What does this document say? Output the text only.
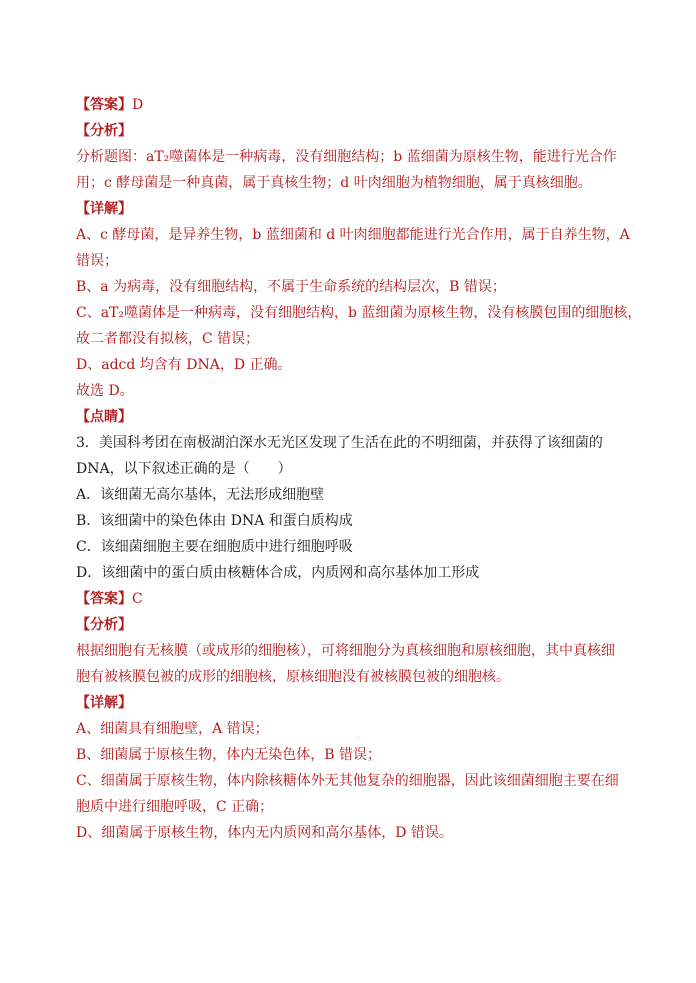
【答案】D
【分析】
分析题图：aT₂噬菌体是一种病毒，没有细胞结构；b 蓝细菌为原核生物，能进行光合作
用；c 酵母菌是一种真菌，属于真核生物；d 叶肉细胞为植物细胞，属于真核细胞。
【详解】
A、c 酵母菌，是异养生物，b 蓝细菌和 d 叶肉细胞都能进行光合作用，属于自养生物，A
错误；
B、a 为病毒，没有细胞结构，不属于生命系统的结构层次，B 错误；
C、aT₂噬菌体是一种病毒，没有细胞结构，b 蓝细菌为原核生物，没有核膜包围的细胞核，
故二者都没有拟核，C 错误；
D、adcd 均含有 DNA，D 正确。
故选 D。
【点睛】
3．美国科考团在南极湖泊深水无光区发现了生活在此的不明细菌，并获得了该细菌的
DNA，以下叙述正确的是（　　）
A．该细菌无高尔基体，无法形成细胞壁
B．该细菌中的染色体由 DNA 和蛋白质构成
C．该细菌细胞主要在细胞质中进行细胞呼吸
D．该细菌中的蛋白质由核糖体合成，内质网和高尔基体加工形成
【答案】C
【分析】
根据细胞有无核膜（或成形的细胞核），可将细胞分为真核细胞和原核细胞，其中真核细
胞有被核膜包被的成形的细胞核，原核细胞没有被核膜包被的细胞核。
【详解】
A、细菌具有细胞壁，A 错误；
B、细菌属于原核生物，体内无染色体，B 错误；
C、细菌属于原核生物，体内除核糖体外无其他复杂的细胞器，因此该细菌细胞主要在细
胞质中进行细胞呼吸，C 正确；
D、细菌属于原核生物，体内无内质网和高尔基体，D 错误。
